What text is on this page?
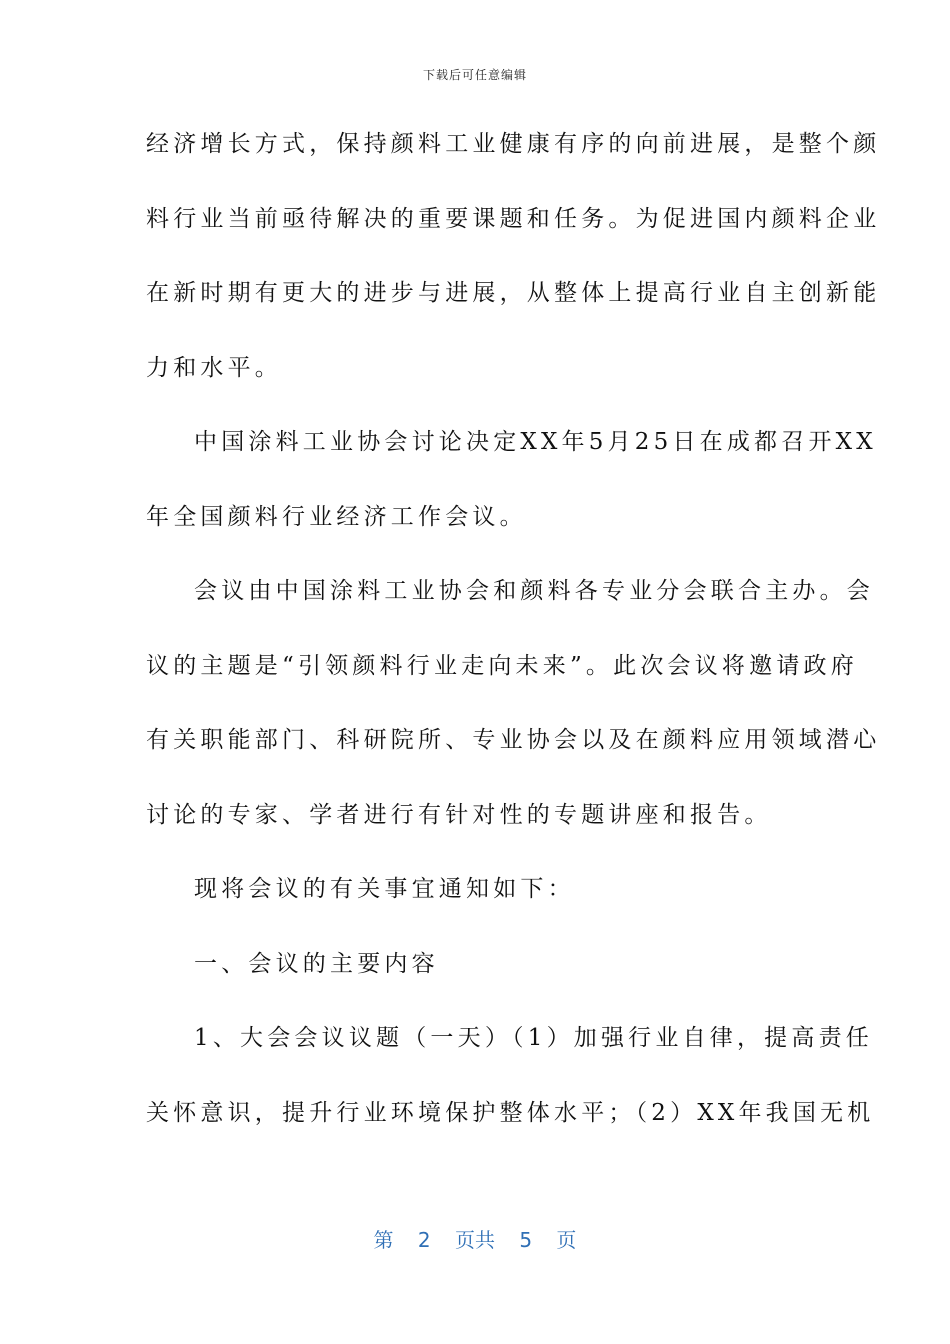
下载后可任意编辑
经济增长方式，保持颜料工业健康有序的向前进展，是整个颜
料行业当前亟待解决的重要课题和任务。为促进国内颜料企业
在新时期有更大的进步与进展，从整体上提高行业自主创新能
力和水平。
中国涂料工业协会讨论决定XX年5月25日在成都召开XX
年全国颜料行业经济工作会议。
会议由中国涂料工业协会和颜料各专业分会联合主办。会
议的主题是“引领颜料行业走向未来”。此次会议将邀请政府
有关职能部门、科研院所、专业协会以及在颜料应用领域潜心
讨论的专家、学者进行有针对性的专题讲座和报告。
现将会议的有关事宜通知如下：
一、会议的主要内容
1、大会会议议题（一天）（1）加强行业自律，提高责任
关怀意识，提升行业环境保护整体水平；（2）XX年我国无机
第 2 页共 5 页
